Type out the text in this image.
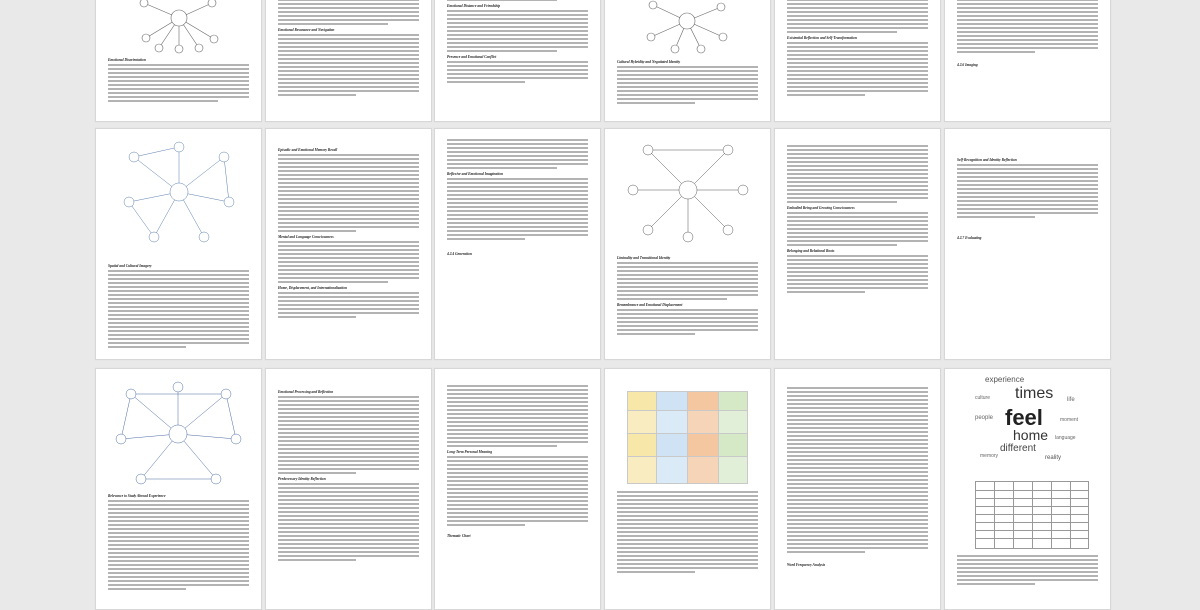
Emotional Disorientation
Emotional Resonance and Navigation
Emotional Distance and Friendship
Presence and Emotional Conflict
Cultural Hybridity and Negotiated Identity
Existential Reflection and Self-Transformation
4.2.6 Imaging
Spatial and Cultural Imagery
Episodic and Emotional Memory Recall
Mental and Language Consciousness
Home, Displacement, and Internationalization
Reflexive and Emotional Imagination
4.2.4 Generation
Liminality and Transitional Identity
Remembrance and Emotional Displacement
Embodied Being and Growing Consciousness
Belonging and Relational Roots
Self-Recognition and Identity Reflection
4.2.7 Evaluating
Relevance to Study Abroad Experience
Emotional Processing and Reflection
Predecessory Identity Reflection
Long-Term Personal Meaning
Thematic Chart
Word Frequency Analysis
feel
times
home
different
experience
reality
people
life
culture
language
memory
moment
